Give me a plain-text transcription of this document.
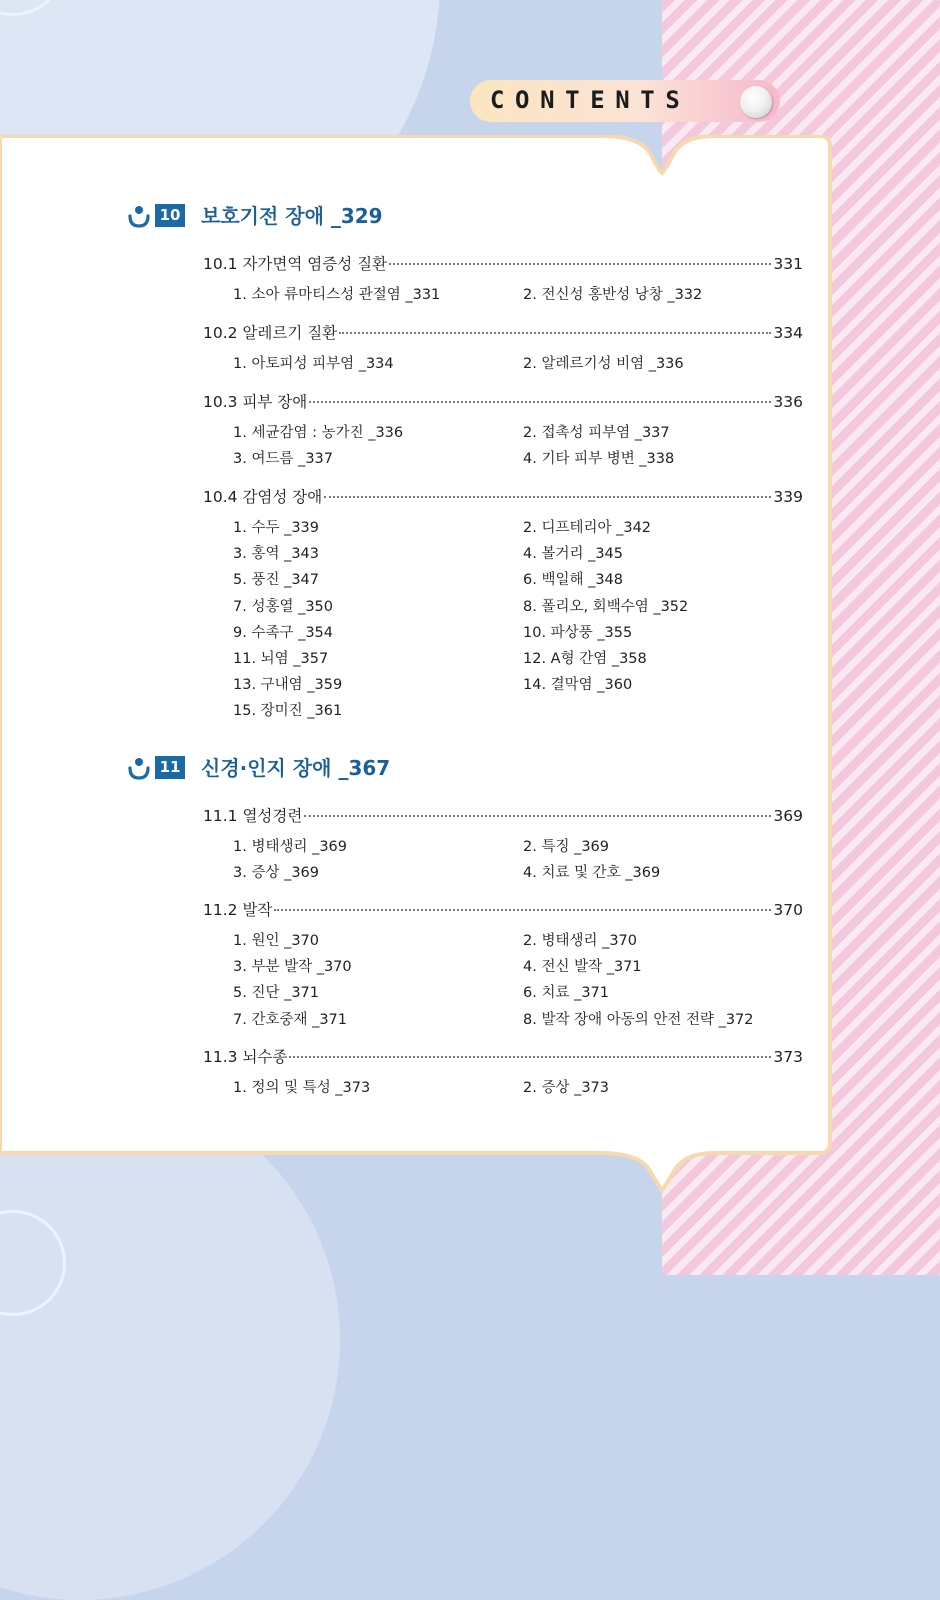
CONTENTS
10 보호기전 장애 _329
10.1 자가면역 염증성 질환	331
1. 소아 류마티스성 관절염 _331	2. 전신성 홍반성 낭창 _332
10.2 알레르기 질환	334
1. 아토피성 피부염 _334	2. 알레르기성 비염 _336
10.3 피부 장애	336
1. 세균감염 : 농가진 _336	2. 접촉성 피부염 _337
3. 여드름 _337	4. 기타 피부 병변 _338
10.4 감염성 장애	339
1. 수두 _339	2. 디프테리아 _342
3. 홍역 _343	4. 볼거리 _345
5. 풍진 _347	6. 백일해 _348
7. 성홍열 _350	8. 폴리오, 회백수염 _352
9. 수족구 _354	10. 파상풍 _355
11. 뇌염 _357	12. A형 간염 _358
13. 구내염 _359	14. 결막염 _360
15. 장미진 _361
11 신경·인지 장애 _367
11.1 열성경련	369
1. 병태생리 _369	2. 특징 _369
3. 증상 _369	4. 치료 및 간호 _369
11.2 발작	370
1. 원인 _370	2. 병태생리 _370
3. 부분 발작 _370	4. 전신 발작 _371
5. 진단 _371	6. 치료 _371
7. 간호중재 _371	8. 발작 장애 아동의 안전 전략 _372
11.3 뇌수종	373
1. 정의 및 특성 _373	2. 증상 _373
